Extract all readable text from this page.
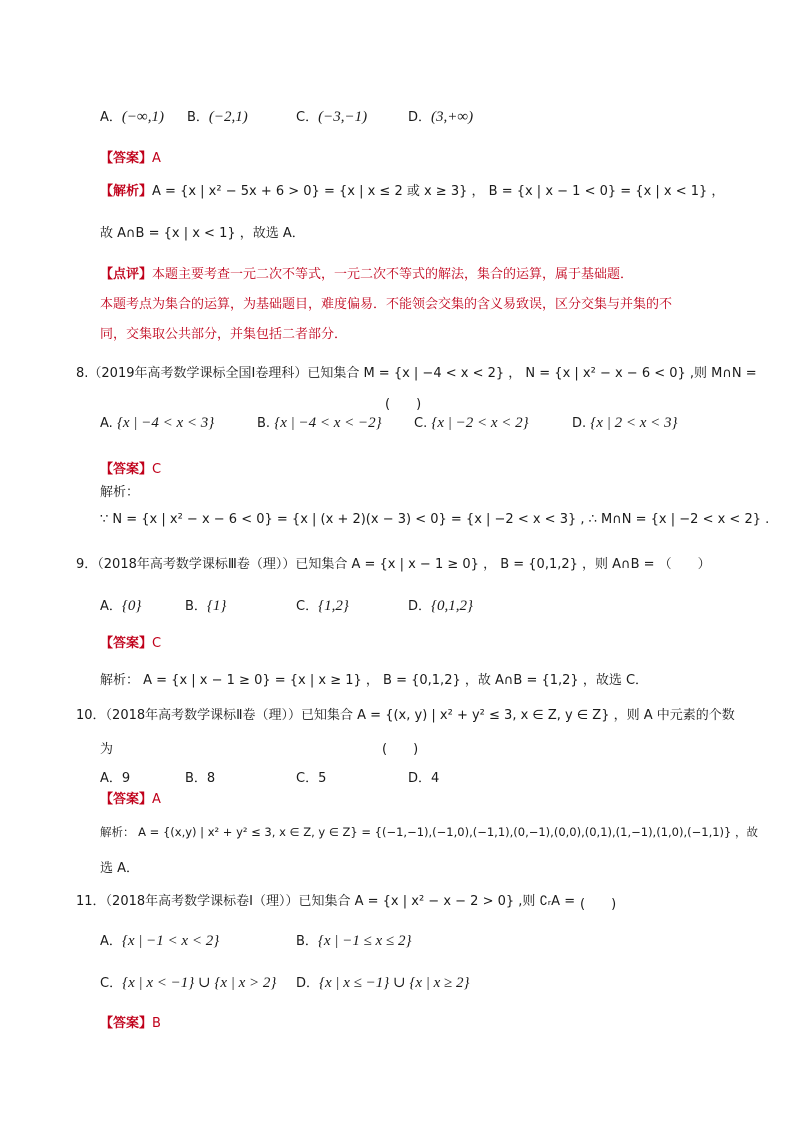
A．(−∞,1) B．(−2,1)	C．(−3,−1)	D．(3,+∞)
【答案】A
【解析】A = {x | x² − 5x + 6 > 0} = {x | x ≤ 2 或 x ≥ 3} ， B = {x | x − 1 < 0} = {x | x < 1} ，
故 A∩B = {x | x < 1} ，故选 A．
【点评】本题主要考查一元二次不等式，一元二次不等式的解法，集合的运算，属于基础题．
本题考点为集合的运算，为基础题目，难度偏易．不能领会交集的含义易致误，区分交集与并集的不
同，交集取公共部分，并集包括二者部分．
8.（2019年高考数学课标全国Ⅰ卷理科）已知集合 M = {x | −4 < x < 2} ， N = {x | x² − x − 6 < 0} ,则 M∩N =
(　　)
A. {x | −4 < x < 3}	B. {x | −4 < x < −2} C. {x | −2 < x < 2}	D. {x | 2 < x < 3}
【答案】C
解析：
∵ N = {x | x² − x − 6 < 0} = {x | (x + 2)(x − 3) < 0} = {x | −2 < x < 3} , ∴ M∩N = {x | −2 < x < 2} .
9．（2018年高考数学课标Ⅲ卷（理））已知集合 A = {x | x − 1 ≥ 0} ， B = {0,1,2} ，则 A∩B = （　　）
A．{0}	B．{1}	C．{1,2}	D．{0,1,2}
【答案】C
解析： A = {x | x − 1 ≥ 0} = {x | x ≥ 1} ， B = {0,1,2} ，故 A∩B = {1,2} ，故选 C．
10．（2018年高考数学课标Ⅱ卷（理））已知集合 A = {(x, y) | x² + y² ≤ 3, x ∈ Z, y ∈ Z} ，则 A 中元素的个数
为	(　　)
A．9	B．8	C．5	D．4
【答案】A
解析： A = {(x,y) | x² + y² ≤ 3, x ∈ Z, y ∈ Z} = {(−1,−1),(−1,0),(−1,1),(0,−1),(0,0),(0,1),(1,−1),(1,0),(−1,1)} ，故
选 A．
11．（2018年高考数学课标卷Ⅰ（理））已知集合 A = {x | x² − x − 2 > 0} ,则 ∁ᵣA = (　　)
A．{x | −1 < x < 2}	B．{x | −1 ≤ x ≤ 2}
C．{x | x < −1} ∪ {x | x > 2} D．{x | x ≤ −1} ∪ {x | x ≥ 2}
【答案】B
